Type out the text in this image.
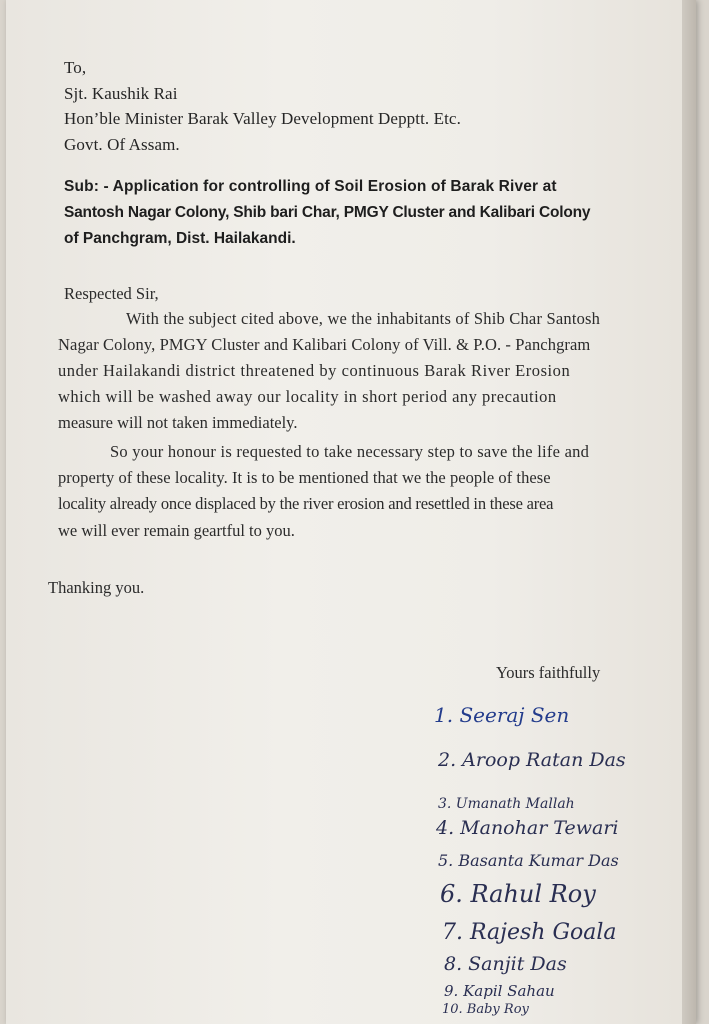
To,
Sjt. Kaushik Rai
Hon’ble Minister Barak Valley Development Depptt. Etc.
Govt. Of Assam.
Sub: - Application for controlling of Soil Erosion of Barak River at
Santosh Nagar Colony, Shib bari Char, PMGY Cluster and Kalibari Colony
of Panchgram, Dist. Hailakandi.
Respected Sir,
With the subject cited above, we the inhabitants of Shib Char Santosh
Nagar Colony, PMGY Cluster and Kalibari Colony of Vill. & P.O. - Panchgram
under Hailakandi district threatened by continuous Barak River Erosion
which will be washed away our locality in short period any precaution
measure will not taken immediately.
So your honour is requested to take necessary step to save the life and
property of these locality. It is to be mentioned that we the people of these
locality already once displaced by the river erosion and resettled in these area
we will ever remain geartful to you.
Thanking you.
Yours faithfully
1. Seeraj Sen
2. Aroop Ratan Das
3. Umanath Mallah
4. Manohar Tewari
5. Basanta Kumar Das
6. Rahul Roy
7. Rajesh Goala
8. Sanjit Das
9. Kapil Sahau
10. Baby Roy
